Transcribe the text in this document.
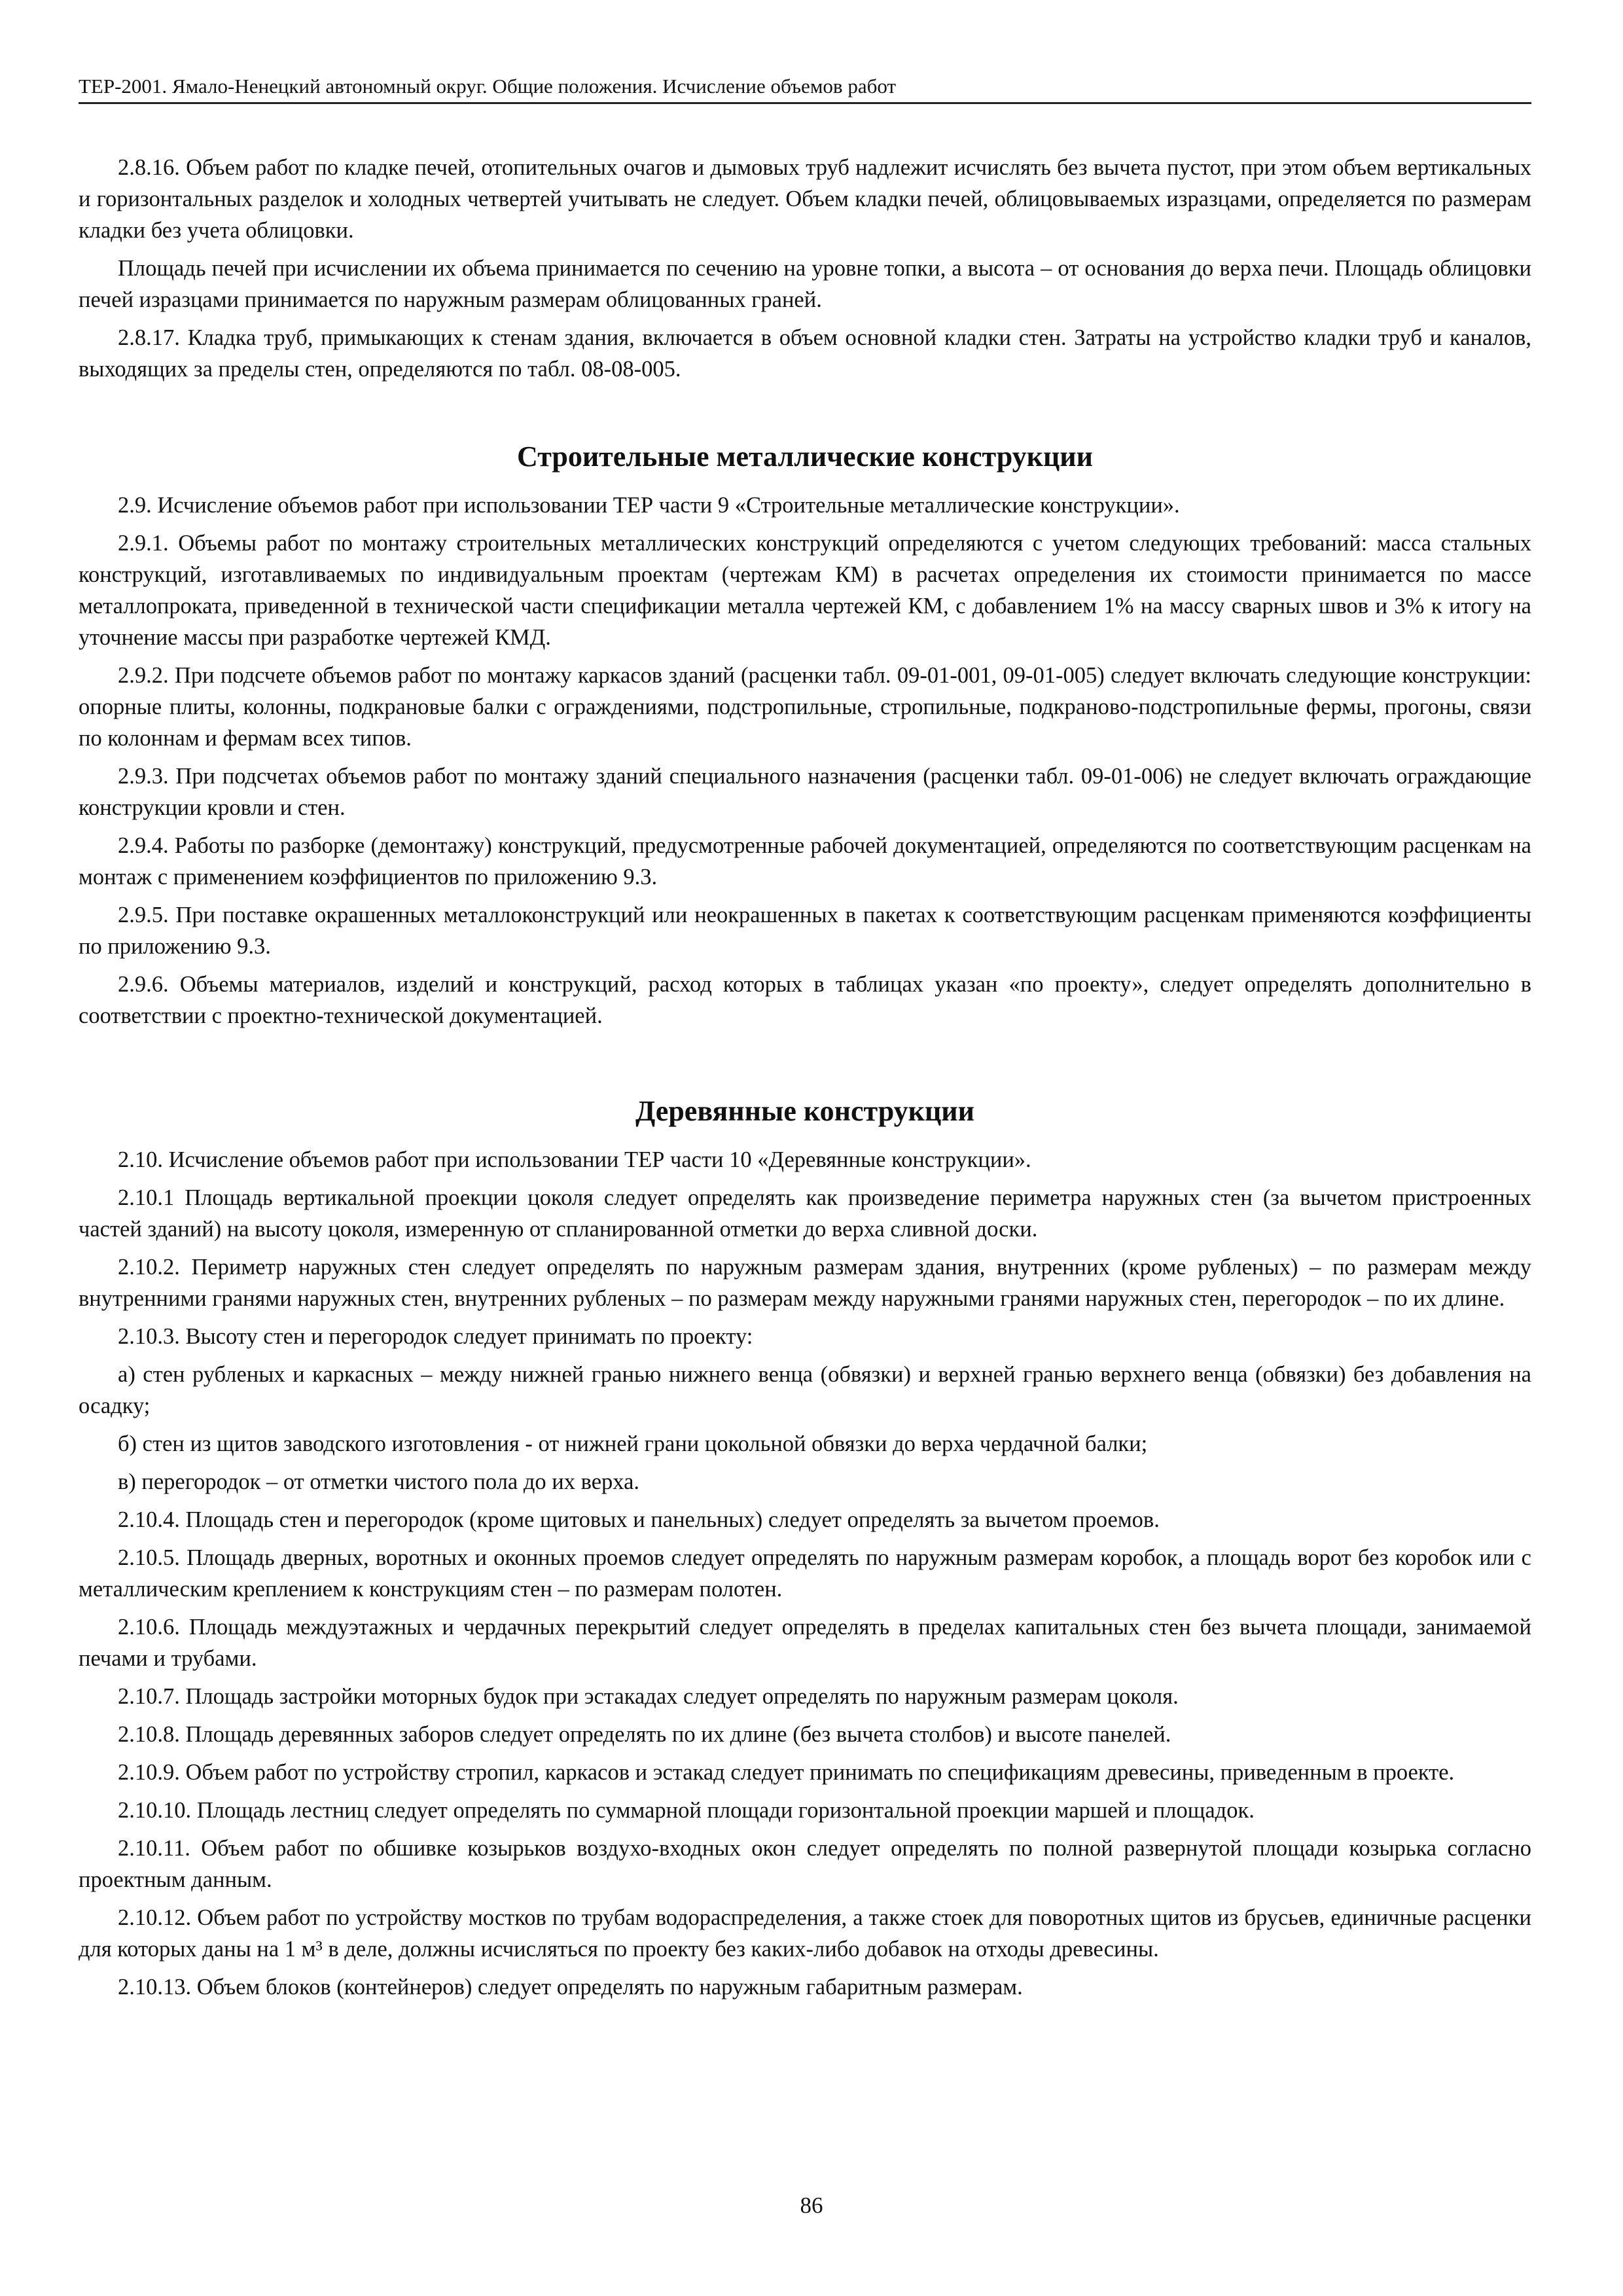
ТЕР-2001. Ямало-Ненецкий автономный округ. Общие положения. Исчисление объемов работ

2.8.16. Объем работ по кладке печей, отопительных очагов и дымовых труб надлежит исчислять без вычета пустот, при этом объем вертикальных и горизонтальных разделок и холодных четвертей учитывать не следует. Объем кладки печей, облицовываемых изразцами, определяется по размерам кладки без учета облицовки.

Площадь печей при исчислении их объема принимается по сечению на уровне топки, а высота – от основания до верха печи. Площадь облицовки печей изразцами принимается по наружным размерам облицованных граней.

2.8.17. Кладка труб, примыкающих к стенам здания, включается в объем основной кладки стен. Затраты на устройство кладки труб и каналов, выходящих за пределы стен, определяются по табл. 08-08-005.

Строительные металлические конструкции

2.9. Исчисление объемов работ при использовании ТЕР части 9 «Строительные металлические конструкции».

2.9.1. Объемы работ по монтажу строительных металлических конструкций определяются с учетом следующих требований: масса стальных конструкций, изготавливаемых по индивидуальным проектам (чертежам КМ) в расчетах определения их стоимости принимается по массе металлопроката, приведенной в технической части спецификации металла чертежей КМ, с добавлением 1% на массу сварных швов и 3% к итогу на уточнение массы при разработке чертежей КМД.

2.9.2. При подсчете объемов работ по монтажу каркасов зданий (расценки табл. 09-01-001, 09-01-005) следует включать следующие конструкции: опорные плиты, колонны, подкрановые балки с ограждениями, подстропильные, стропильные, подкраново-подстропильные фермы, прогоны, связи по колоннам и фермам всех типов.

2.9.3. При подсчетах объемов работ по монтажу зданий специального назначения (расценки табл. 09-01-006) не следует включать ограждающие конструкции кровли и стен.

2.9.4. Работы по разборке (демонтажу) конструкций, предусмотренные рабочей документацией, определяются по соответствующим расценкам на монтаж с применением коэффициентов по приложению 9.3.

2.9.5. При поставке окрашенных металлоконструкций или неокрашенных в пакетах к соответствующим расценкам применяются коэффициенты по приложению 9.3.

2.9.6. Объемы материалов, изделий и конструкций, расход которых в таблицах указан «по проекту», следует определять дополнительно в соответствии с проектно-технической документацией.

Деревянные конструкции

2.10. Исчисление объемов работ при использовании ТЕР части 10 «Деревянные конструкции».

2.10.1 Площадь вертикальной проекции цоколя следует определять как произведение периметра наружных стен (за вычетом пристроенных частей зданий) на высоту цоколя, измеренную от спланированной отметки до верха сливной доски.

2.10.2. Периметр наружных стен следует определять по наружным размерам здания, внутренних (кроме рубленых) – по размерам между внутренними гранями наружных стен, внутренних рубленых – по размерам между наружными гранями наружных стен, перегородок – по их длине.

2.10.3. Высоту стен и перегородок следует принимать по проекту:

а) стен рубленых и каркасных – между нижней гранью нижнего венца (обвязки) и верхней гранью верхнего венца (обвязки) без добавления на осадку;

б) стен из щитов заводского изготовления - от нижней грани цокольной обвязки до верха чердачной балки;

в) перегородок – от отметки чистого пола до их верха.

2.10.4. Площадь стен и перегородок (кроме щитовых и панельных) следует определять за вычетом проемов.

2.10.5. Площадь дверных, воротных и оконных проемов следует определять по наружным размерам коробок, а площадь ворот без коробок или с металлическим креплением к конструкциям стен – по размерам полотен.

2.10.6. Площадь междуэтажных и чердачных перекрытий следует определять в пределах капитальных стен без вычета площади, занимаемой печами и трубами.

2.10.7. Площадь застройки моторных будок при эстакадах следует определять по наружным размерам цоколя.

2.10.8. Площадь деревянных заборов следует определять по их длине (без вычета столбов) и высоте панелей.

2.10.9. Объем работ по устройству стропил, каркасов и эстакад следует принимать по спецификациям древесины, приведенным в проекте.

2.10.10. Площадь лестниц следует определять по суммарной площади горизонтальной проекции маршей и площадок.

2.10.11. Объем работ по обшивке козырьков воздухо-входных окон следует определять по полной развернутой площади козырька согласно проектным данным.

2.10.12. Объем работ по устройству мостков по трубам водораспределения, а также стоек для поворотных щитов из брусьев, единичные расценки для которых даны на 1 м³ в деле, должны исчисляться по проекту без каких-либо добавок на отходы древесины.

2.10.13. Объем блоков (контейнеров) следует определять по наружным габаритным размерам.

86
